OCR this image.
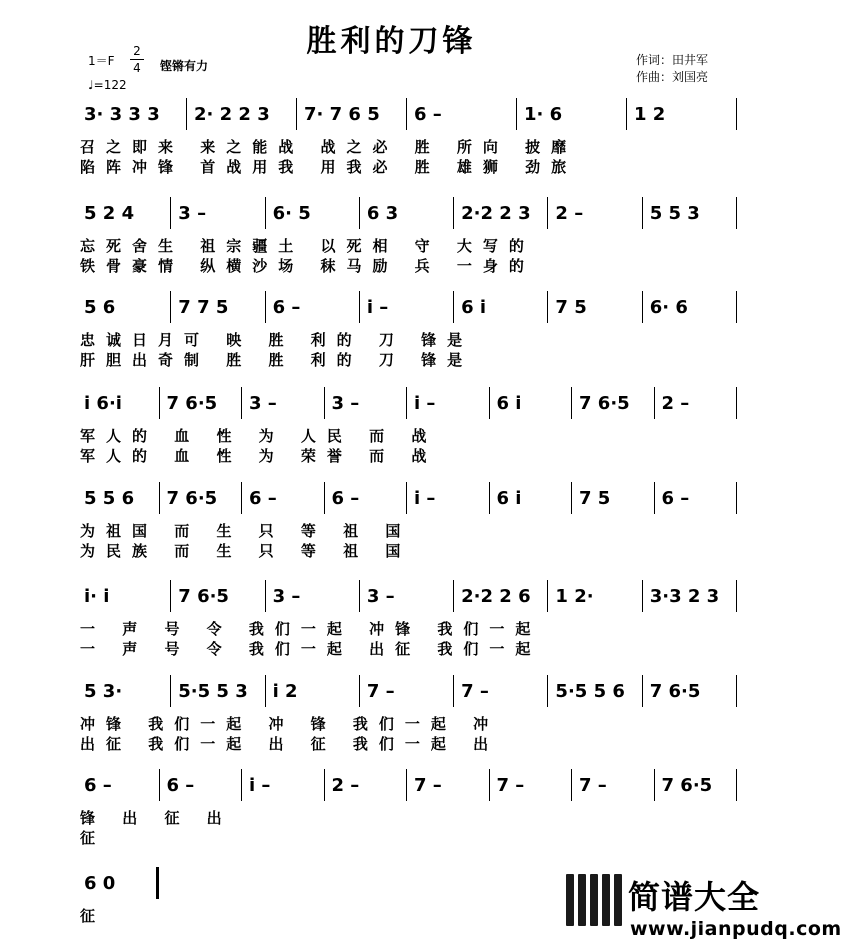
胜利的刀锋
1＝F
2
4 铿锵有力
♩=122
作词：田井军
作曲：刘国亮
3· 3 3 3 2· 2 2 3 7· 7 6 5 6 –	1· 6	1 2
召之即来 来之能战 战之必 胜 所向 披靡
陷阵冲锋 首战用我 用我必 胜 雄狮 劲旅
5 2 4 3 –	6· 5	6 3	2·2 2 3 2 –	5 5 3
忘死舍生 祖宗疆土 以死相 守 大写的
铁骨豪情 纵横沙场 秣马励 兵 一身的
5 6	7 7 5 6 –	i –	6 i	7 5	6· 6
忠诚日月可 映 胜 利的 刀 锋是
肝胆出奇制 胜 胜 利的 刀 锋是
i 6·i 7 6·5 3 –	3 –	i –	6 i	7 6·5 2 –
军人的 血 性 为 人民 而 战
军人的 血 性 为 荣誉 而 战
5 5 6 7 6·5 6 –	6 –	i –	6 i	7 5	6 –
为祖国 而 生 只 等 祖 国
为民族 而 生 只 等 祖 国
i· i	7 6·5 3 –	3 –	2·2 2 6 1 2·	3·3 2 3
一 声 号 令 我们一起 冲锋 我们一起
一 声 号 令 我们一起 出征 我们一起
5 3·	5·5 5 3 i 2	7 –	7 –	5·5 5 6 7 6·5
冲锋 我们一起 冲 锋 我们一起 冲
出征 我们一起 出 征 我们一起 出
6 –	6 –	i –	2 –	7 –	7 –	7 –	7 6·5
锋 出 征 出
征
6 0
征	简谱大全
www.jianpudq.com
